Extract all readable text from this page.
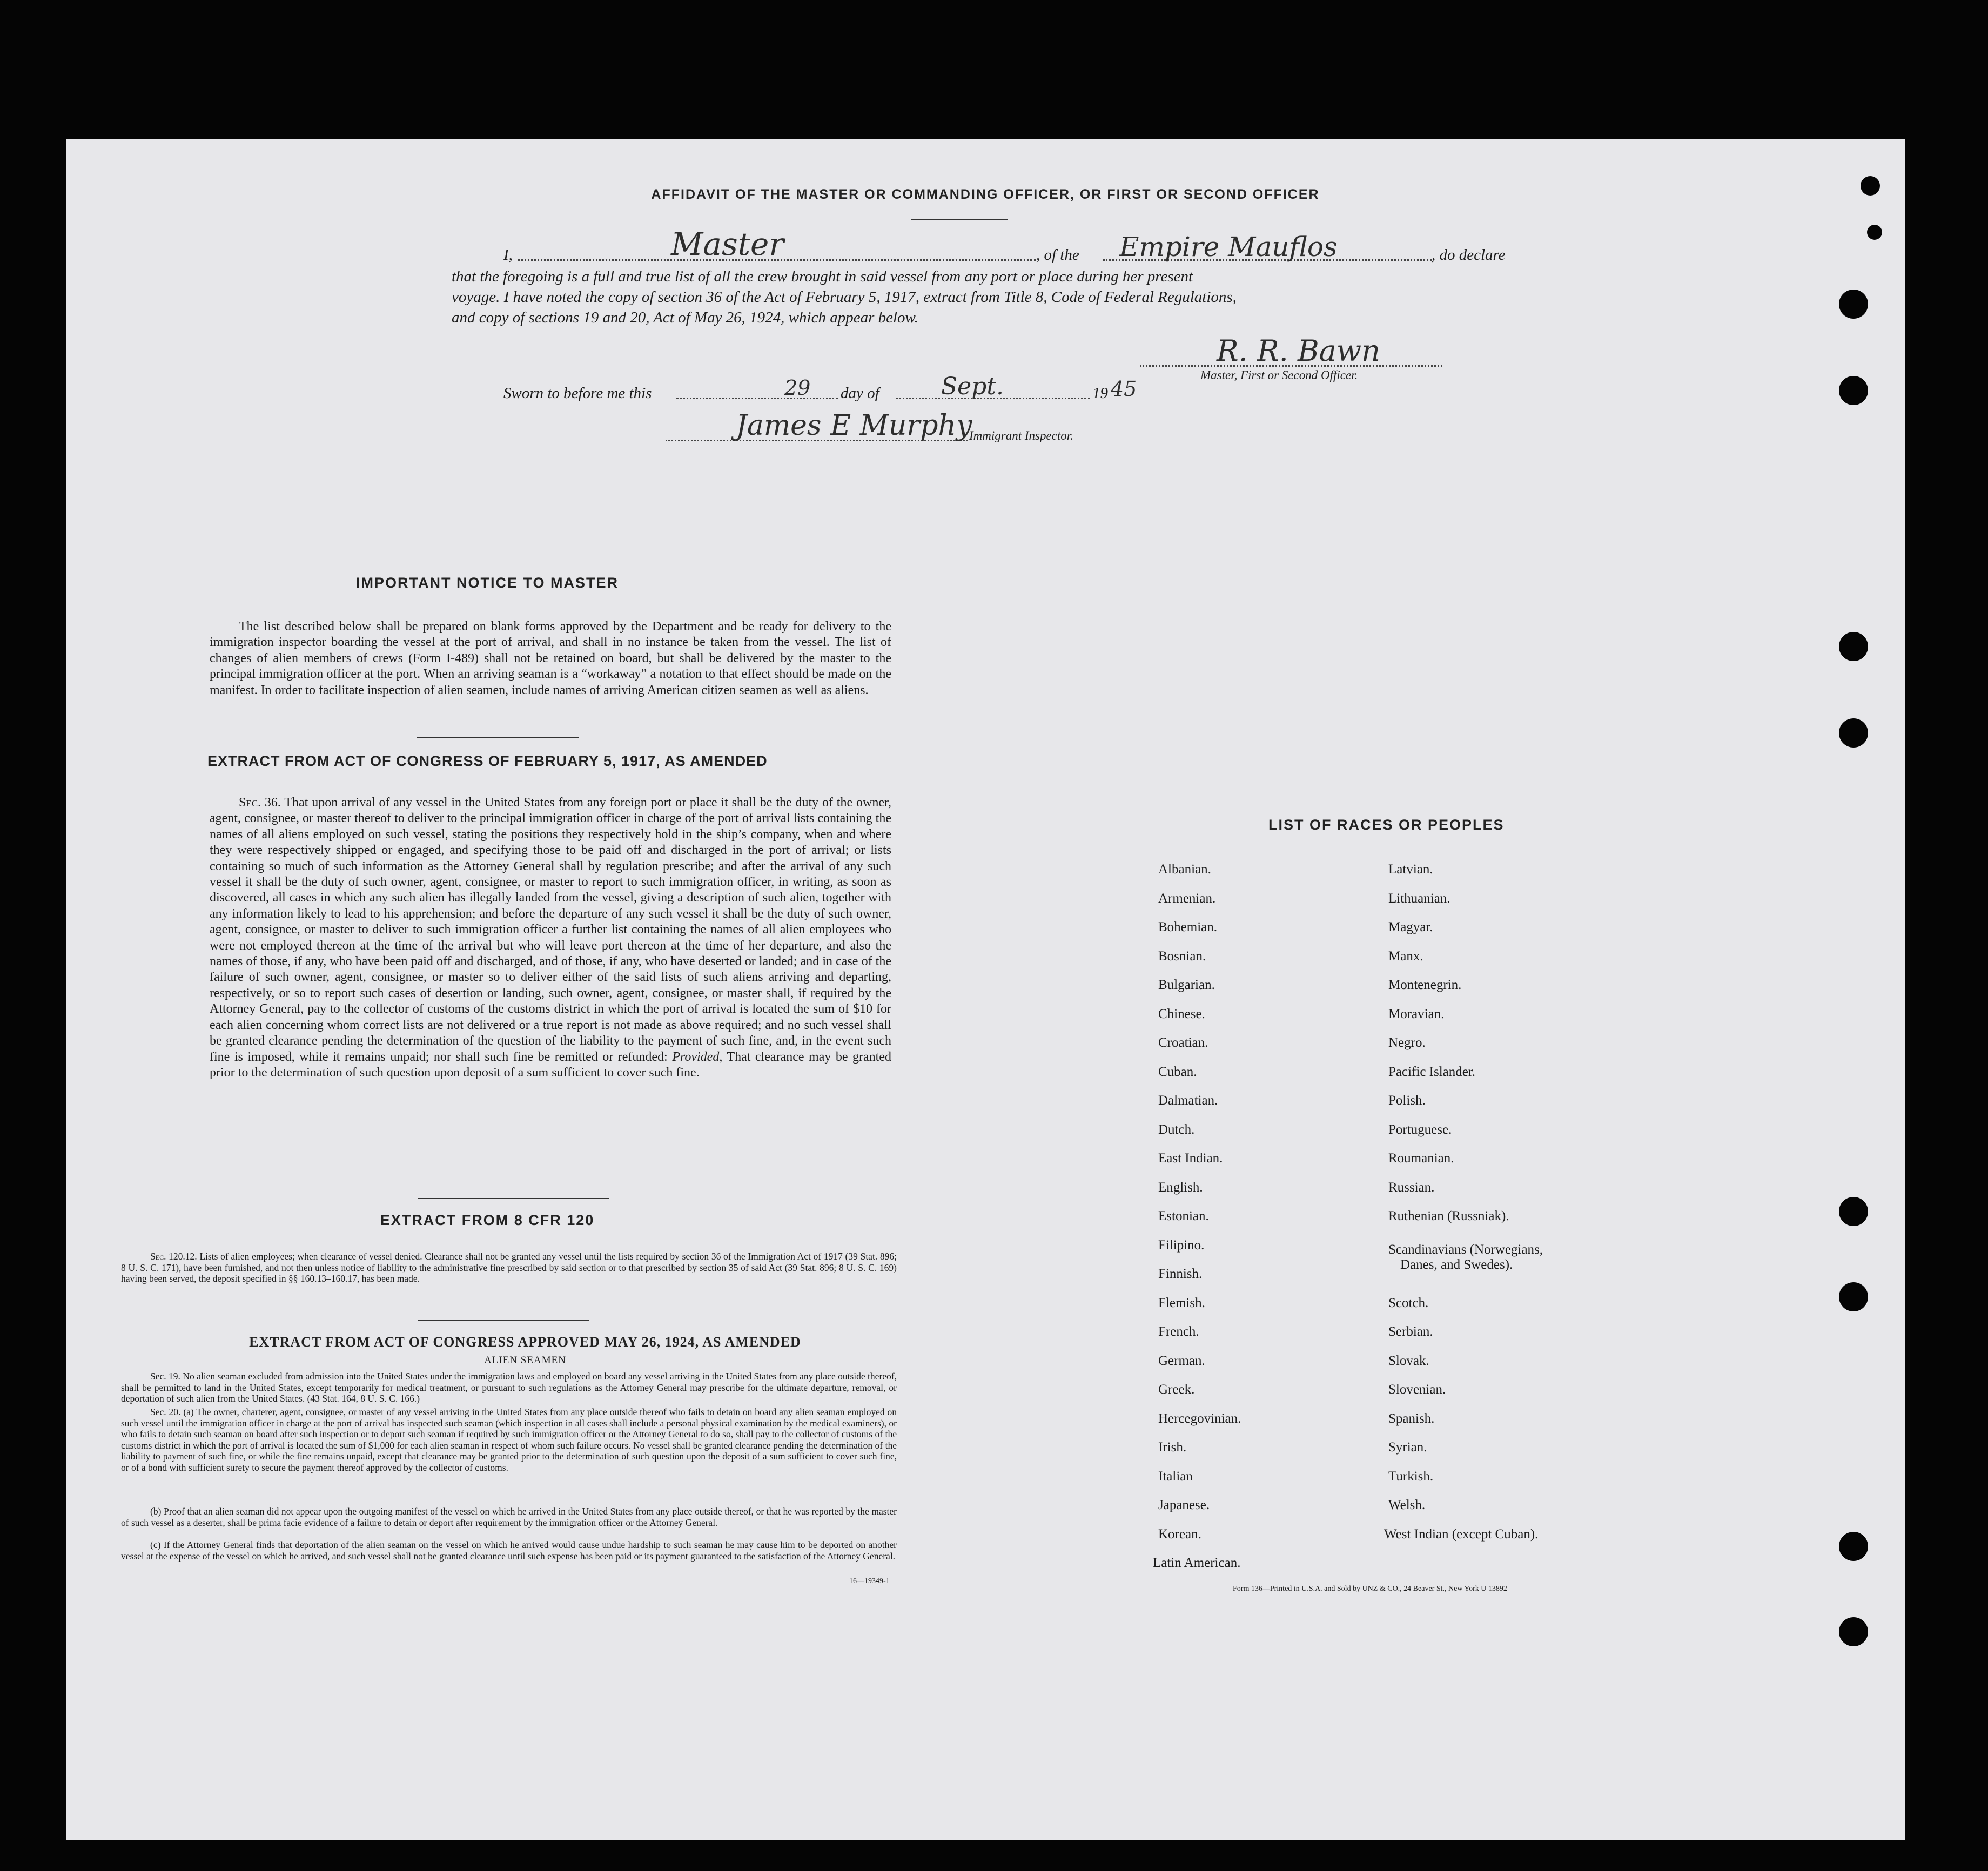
AFFIDAVIT OF THE MASTER OR COMMANDING OFFICER, OR FIRST OR SECOND OFFICER
I,	Master	, of the Empire Mauflos	, do declare
that the foregoing is a full and true list of all the crew brought in said vessel from any port or place during her present
voyage. I have noted the copy of section 36 of the Act of February 5, 1917, extract from Title 8, Code of Federal Regulations,
and copy of sections 19 and 20, Act of May 26, 1924, which appear below.
R. R. Bawn
Master, First or Second Officer.
Sworn to before me this	29 day of	Sept.	19 45
James E Murphy
Immigrant Inspector.
IMPORTANT NOTICE TO MASTER
The list described below shall be prepared on blank forms approved by the Department and be ready for delivery to the immigration inspector boarding the vessel at the port of arrival, and shall in no instance be taken from the vessel. The list of changes of alien members of crews (Form I-489) shall not be retained on board, but shall be delivered by the master to the principal immigration officer at the port. When an arriving seaman is a “workaway” a notation to that effect should be made on the manifest. In order to facilitate inspection of alien seamen, include names of arriving American citizen seamen as well as aliens.
EXTRACT FROM ACT OF CONGRESS OF FEBRUARY 5, 1917, AS AMENDED
Sec. 36. That upon arrival of any vessel in the United States from any foreign port or place it shall be the duty of the owner, agent, consignee, or master thereof to deliver to the principal immigration officer in charge of the port of arrival lists containing the names of all aliens employed on such vessel, stating the positions they respectively hold in the ship’s company, when and where they were respectively shipped or engaged, and specifying those to be paid off and discharged in the port of arrival; or lists containing so much of such information as the Attorney General shall by regulation prescribe; and after the arrival of any such vessel it shall be the duty of such owner, agent, consignee, or master to report to such immigration officer, in writing, as soon as discovered, all cases in which any such alien has illegally landed from the vessel, giving a description of such alien, together with any information likely to lead to his apprehension; and before the departure of any such vessel it shall be the duty of such owner, agent, consignee, or master to deliver to such immigration officer a further list containing the names of all alien employees who were not employed thereon at the time of the arrival but who will leave port thereon at the time of her departure, and also the names of those, if any, who have been paid off and discharged, and of those, if any, who have deserted or landed; and in case of the failure of such owner, agent, consignee, or master so to deliver either of the said lists of such aliens arriving and departing, respectively, or so to report such cases of desertion or landing, such owner, agent, consignee, or master shall, if required by the Attorney General, pay to the collector of customs of the customs district in which the port of arrival is located the sum of $10 for each alien concerning whom correct lists are not delivered or a true report is not made as above required; and no such vessel shall be granted clearance pending the determination of the question of the liability to the payment of such fine, and, in the event such fine is imposed, while it remains unpaid; nor shall such fine be remitted or refunded: Provided, That clearance may be granted prior to the determination of such question upon deposit of a sum sufficient to cover such fine.
EXTRACT FROM 8 CFR 120
Sec. 120.12. Lists of alien employees; when clearance of vessel denied. Clearance shall not be granted any vessel until the lists required by section 36 of the Immigration Act of 1917 (39 Stat. 896; 8 U. S. C. 171), have been furnished, and not then unless notice of liability to the administrative fine prescribed by said section or to that prescribed by section 35 of said Act (39 Stat. 896; 8 U. S. C. 169) having been served, the deposit specified in §§ 160.13–160.17, has been made.
EXTRACT FROM ACT OF CONGRESS APPROVED MAY 26, 1924, AS AMENDED
ALIEN SEAMEN
Sec. 19. No alien seaman excluded from admission into the United States under the immigration laws and employed on board any vessel arriving in the United States from any place outside thereof, shall be permitted to land in the United States, except temporarily for medical treatment, or pursuant to such regulations as the Attorney General may prescribe for the ultimate departure, removal, or deportation of such alien from the United States. (43 Stat. 164, 8 U. S. C. 166.)
Sec. 20. (a) The owner, charterer, agent, consignee, or master of any vessel arriving in the United States from any place outside thereof who fails to detain on board any alien seaman employed on such vessel until the immigration officer in charge at the port of arrival has inspected such seaman (which inspection in all cases shall include a personal physical examination by the medical examiners), or who fails to detain such seaman on board after such inspection or to deport such seaman if required by such immigration officer or the Attorney General to do so, shall pay to the collector of customs of the customs district in which the port of arrival is located the sum of $1,000 for each alien seaman in respect of whom such failure occurs. No vessel shall be granted clearance pending the determination of the liability to payment of such fine, or while the fine remains unpaid, except that clearance may be granted prior to the determination of such question upon the deposit of a sum sufficient to cover such fine, or of a bond with sufficient surety to secure the payment thereof approved by the collector of customs.
(b) Proof that an alien seaman did not appear upon the outgoing manifest of the vessel on which he arrived in the United States from any place outside thereof, or that he was reported by the master of such vessel as a deserter, shall be prima facie evidence of a failure to detain or deport after requirement by the immigration officer or the Attorney General.
(c) If the Attorney General finds that deportation of the alien seaman on the vessel on which he arrived would cause undue hardship to such seaman he may cause him to be deported on another vessel at the expense of the vessel on which he arrived, and such vessel shall not be granted clearance until such expense has been paid or its payment guaranteed to the satisfaction of the Attorney General.
16—19349-1
LIST OF RACES OR PEOPLES
Albanian.
Armenian.
Bohemian.
Bosnian.
Bulgarian.
Chinese.
Croatian.
Cuban.
Dalmatian.
Dutch.
East Indian.
English.
Estonian.
Filipino.
Finnish.
Flemish.
French.
German.
Greek.
Hercegovinian.
Irish.
Italian
Japanese.
Korean.
Latin American.
Latvian.
Lithuanian.
Magyar.
Manx.
Montenegrin.
Moravian.
Negro.
Pacific Islander.
Polish.
Portuguese.
Roumanian.
Russian.
Ruthenian (Russniak).
Scandinavians (Norwegians,
Danes, and Swedes).
Scotch.
Serbian.
Slovak.
Slovenian.
Spanish.
Syrian.
Turkish.
Welsh.
West Indian (except Cuban).
Form 136—Printed in U.S.A. and Sold by UNZ & CO., 24 Beaver St., New York U 13892
